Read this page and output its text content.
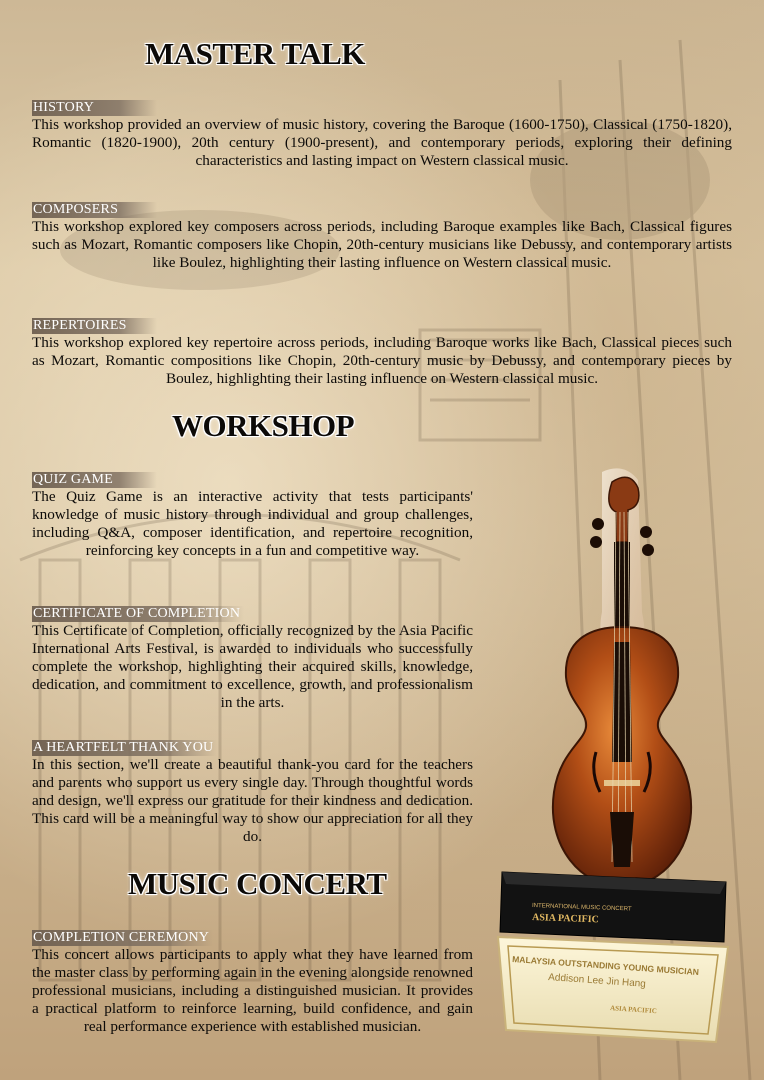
MASTER TALK
HISTORY

This workshop provided an overview of music history, covering the Baroque (1600-1750), Classical (1750-1820), Romantic (1820-1900), 20th century (1900-present), and contemporary periods, exploring their defining characteristics and lasting impact on Western classical music.

COMPOSERS

This workshop explored key composers across periods, including Baroque examples like Bach, Classical figures such as Mozart, Romantic composers like Chopin, 20th-century musicians like Debussy, and contemporary artists like Boulez, highlighting their lasting influence on Western classical music.

REPERTOIRES

This workshop explored key repertoire across periods, including Baroque works like Bach, Classical pieces such as Mozart, Romantic compositions like Chopin, 20th-century music by Debussy, and contemporary pieces by Boulez, highlighting their lasting influence on Western classical music.

WORKSHOP
QUIZ GAME

The Quiz Game is an interactive activity that tests participants' knowledge of music history through individual and group challenges, including Q&A, composer identification, and repertoire recognition, reinforcing key concepts in a fun and competitive way.

CERTIFICATE OF COMPLETION

This Certificate of Completion, officially recognized by the Asia Pacific International Arts Festival, is awarded to individuals who successfully complete the workshop, highlighting their acquired skills, knowledge, dedication, and commitment to excellence, growth, and professionalism in the arts.

A HEARTFELT THANK YOU

In this section, we'll create a beautiful thank-you card for the teachers and parents who support us every single day. Through thoughtful words and design, we'll express our gratitude for their kindness and dedication. This card will be a meaningful way to show our appreciation for all they do.

MUSIC CONCERT
COMPLETION CEREMONY

This concert allows participants to apply what they have learned from the master class by performing again in the evening alongside renowned professional musicians, including a distinguished musician. It provides a practical platform to reinforce learning, build confidence, and gain real performance experience with established musician.

INTERNATIONAL MUSIC CONCERT
ASIA PACIFIC
MALAYSIA OUTSTANDING YOUNG MUSICIAN
Addison Lee Jin Hang
ASIA PACIFIC
